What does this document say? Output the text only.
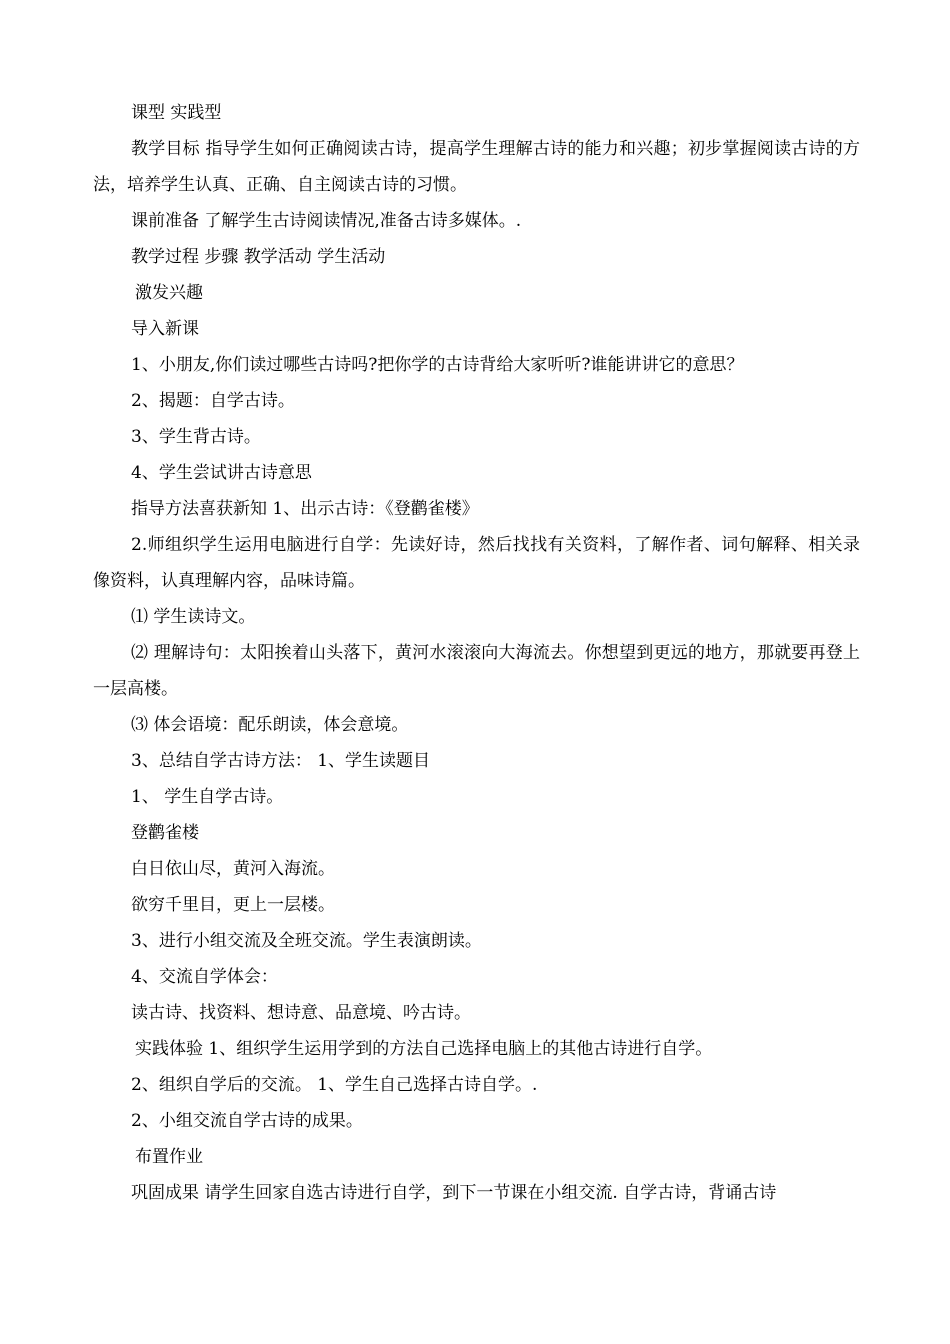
课型 实践型

教学目标 指导学生如何正确阅读古诗，提高学生理解古诗的能力和兴趣；初步掌握阅读古诗的方法，培养学生认真、正确、自主阅读古诗的习惯。

课前准备 了解学生古诗阅读情况,准备古诗多媒体。.

教学过程 步骤 教学活动 学生活动

激发兴趣

导入新课

1、小朋友,你们读过哪些古诗吗?把你学的古诗背给大家听听?谁能讲讲它的意思？

2、揭题：自学古诗。

3、学生背古诗。

4、学生尝试讲古诗意思

指导方法喜获新知 1、出示古诗：《登鹳雀楼》

2.师组织学生运用电脑进行自学：先读好诗，然后找找有关资料，了解作者、词句解释、相关录像资料，认真理解内容，品味诗篇。

⑴ 学生读诗文。

⑵ 理解诗句：太阳挨着山头落下，黄河水滚滚向大海流去。你想望到更远的地方，那就要再登上一层高楼。

⑶ 体会语境：配乐朗读，体会意境。

3、总结自学古诗方法： 1、学生读题目

1、 学生自学古诗。

登鹳雀楼

白日依山尽，黄河入海流。

欲穷千里目，更上一层楼。

3、进行小组交流及全班交流。学生表演朗读。

4、交流自学体会：

读古诗、找资料、想诗意、品意境、吟古诗。

实践体验 1、组织学生运用学到的方法自己选择电脑上的其他古诗进行自学。

2、组织自学后的交流。 1、学生自己选择古诗自学。.

2、小组交流自学古诗的成果。

布置作业

巩固成果 请学生回家自选古诗进行自学，到下一节课在小组交流. 自学古诗，背诵古诗
